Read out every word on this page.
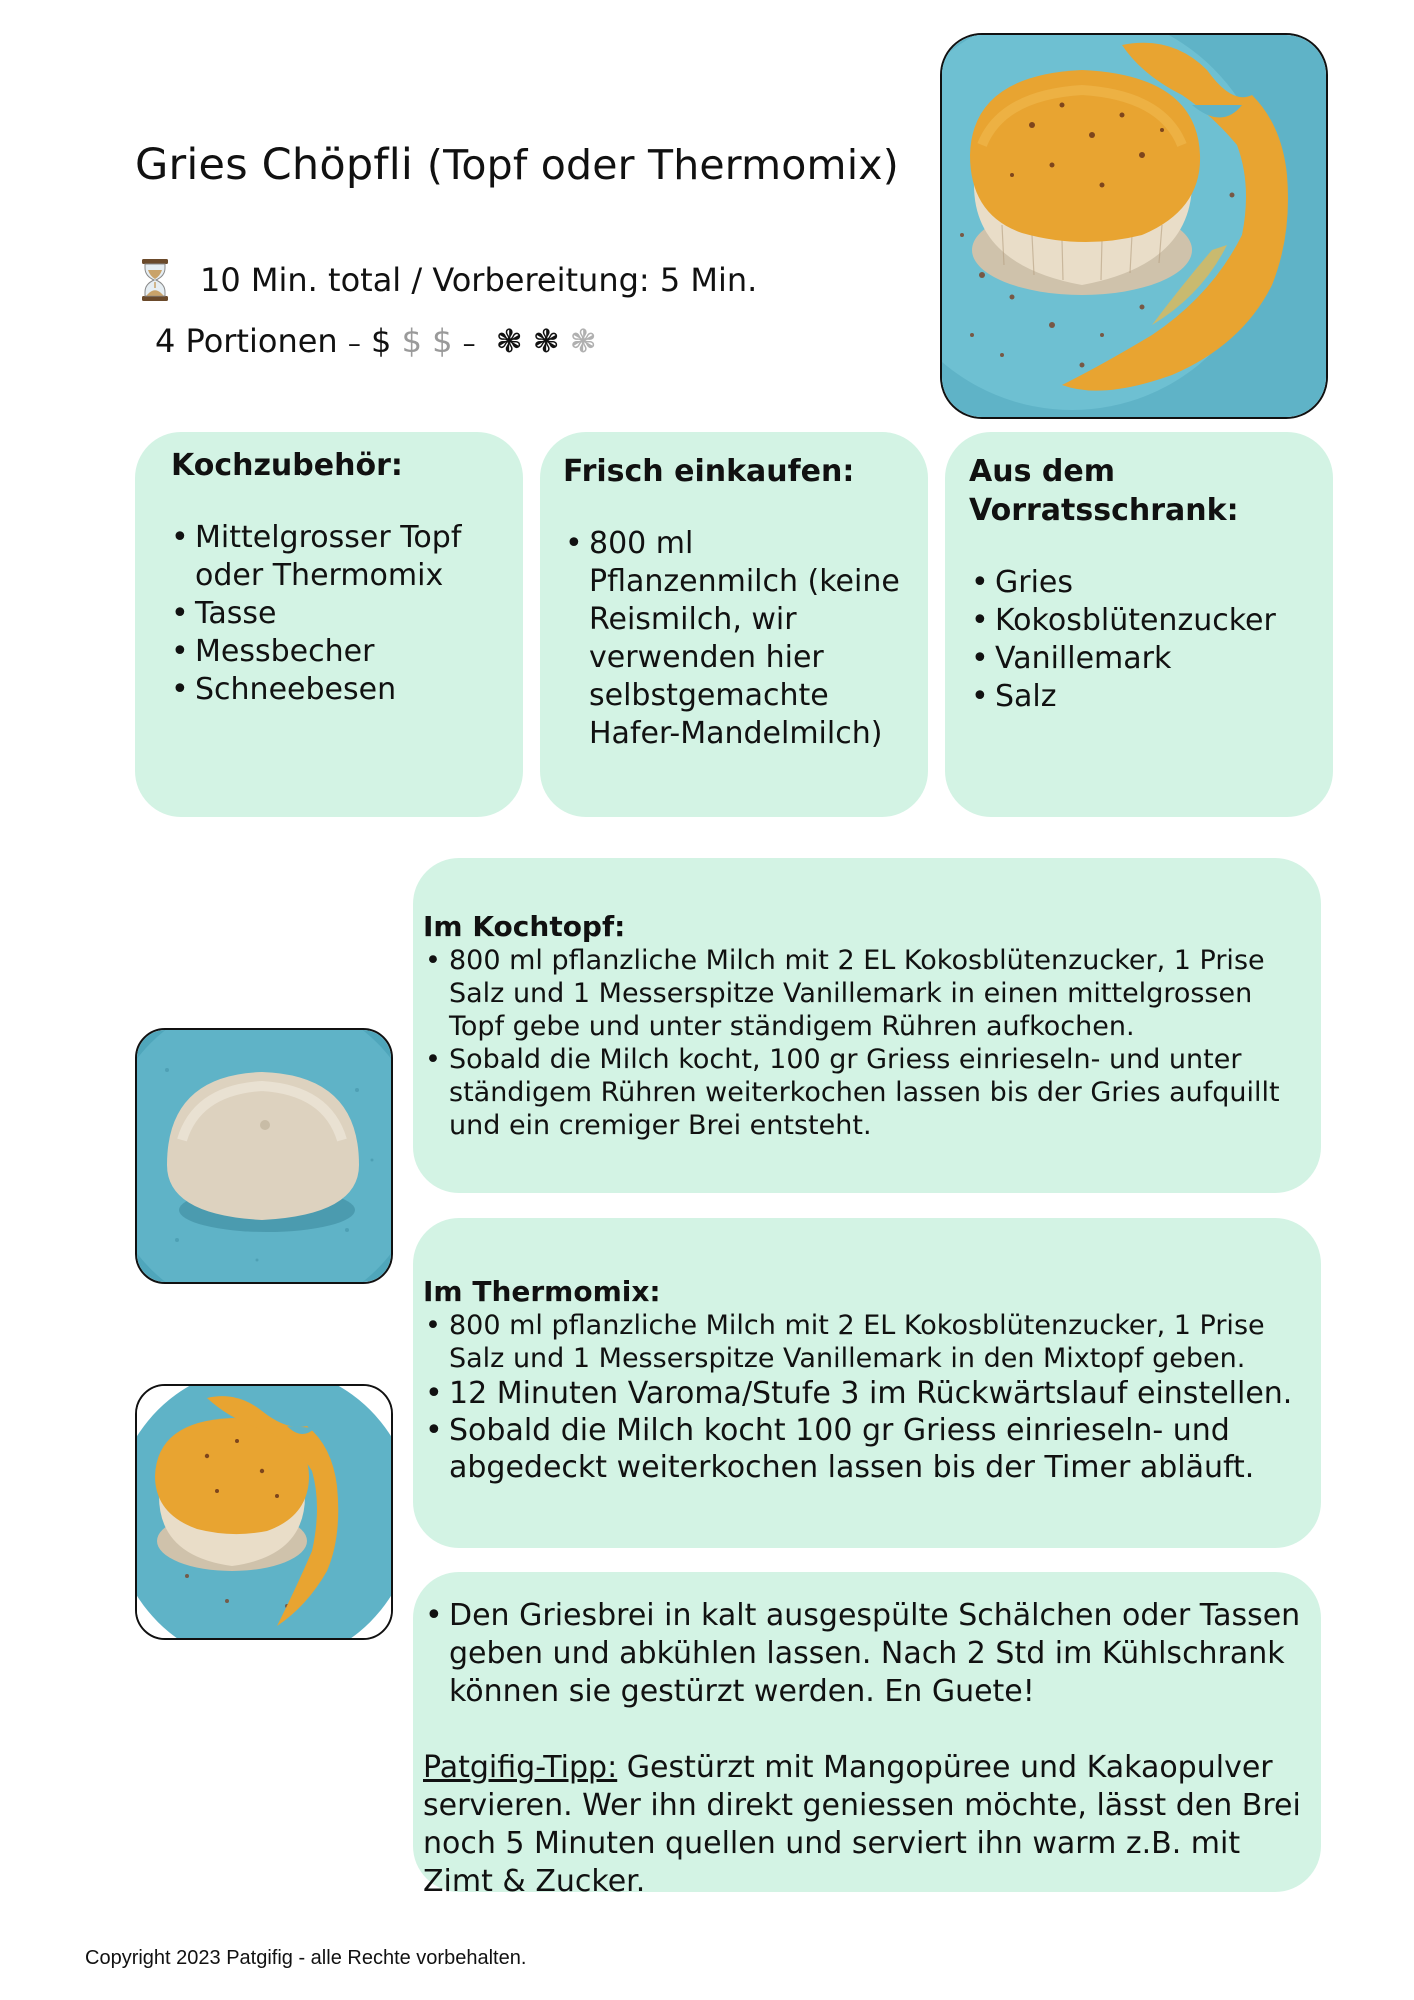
Gries Chöpfli (Topf oder Thermomix)
10 Min. total / Vorbereitung: 5 Min.
4 Portionen – $ $ $ – ❃ ❃ ❃
Kochzubehör:
• Mittelgrosser Topf oder Thermomix
• Tasse
• Messbecher
• Schneebesen
Frisch einkaufen:
• 800 ml Pflanzenmilch (keine Reismilch, wir verwenden hier selbstgemachte Hafer-Mandelmilch)
Aus dem Vorratsschrank:
• Gries
• Kokosblütenzucker
• Vanillemark
• Salz
Im Kochtopf:
• 800 ml pflanzliche Milch mit 2 EL Kokosblütenzucker, 1 Prise Salz und 1 Messerspitze Vanillemark in einen mittelgrossen Topf gebe und unter ständigem Rühren aufkochen.
• Sobald die Milch kocht, 100 gr Griess einrieseln- und unter ständigem Rühren weiterkochen lassen bis der Gries aufquillt und ein cremiger Brei entsteht.
Im Thermomix:
• 800 ml pflanzliche Milch mit 2 EL Kokosblütenzucker, 1 Prise Salz und 1 Messerspitze Vanillemark in den Mixtopf geben.
• 12 Minuten Varoma/Stufe 3 im Rückwärtslauf einstellen.
• Sobald die Milch kocht 100 gr Griess einrieseln- und abgedeckt weiterkochen lassen bis der Timer abläuft.
• Den Griesbrei in kalt ausgespülte Schälchen oder Tassen geben und abkühlen lassen. Nach 2 Std im Kühlschrank können sie gestürzt werden. En Guete!
Patgifig-Tipp: Gestürzt mit Mangopüree und Kakaopulver servieren. Wer ihn direkt geniessen möchte, lässt den Brei noch 5 Minuten quellen und serviert ihn warm z.B. mit Zimt & Zucker.
Copyright 2023 Patgifig - alle Rechte vorbehalten.
